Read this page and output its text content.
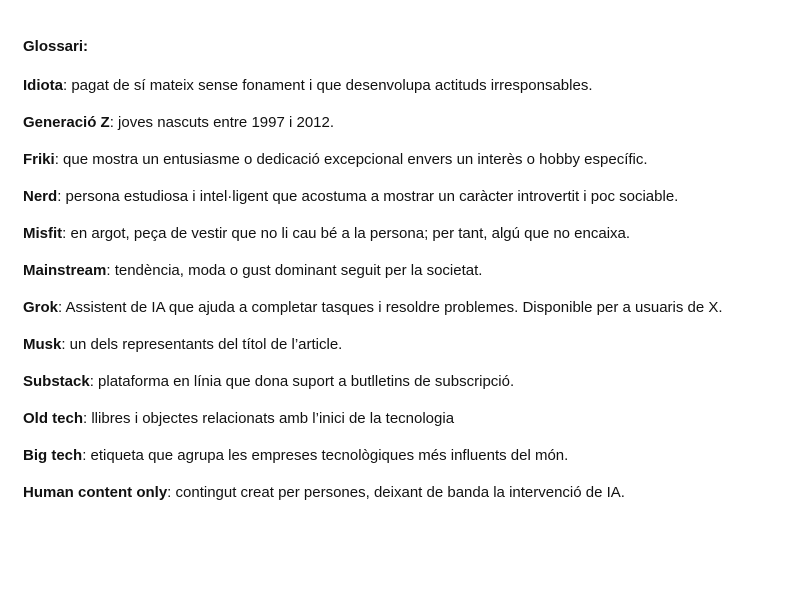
Glossari:
Idiota: pagat de sí mateix sense fonament i que desenvolupa actituds irresponsables.
Generació Z: joves nascuts entre 1997 i 2012.
Friki: que mostra un entusiasme o dedicació excepcional envers un interès o hobby específic.
Nerd: persona estudiosa i intel·ligent que acostuma a mostrar un caràcter introvertit i poc sociable.
Misfit: en argot, peça de vestir que no li cau bé a la persona; per tant, algú que no encaixa.
Mainstream: tendència, moda o gust dominant seguit per la societat.
Grok: Assistent de IA que ajuda a completar tasques i resoldre problemes. Disponible per a usuaris de X.
Musk: un dels representants del títol de l’article.
Substack: plataforma en línia que dona suport a butlletins de subscripció.
Old tech: llibres i objectes relacionats amb l’inici de la tecnologia
Big tech: etiqueta que agrupa les empreses tecnològiques més influents del món.
Human content only: contingut creat per persones, deixant de banda la intervenció de IA.
